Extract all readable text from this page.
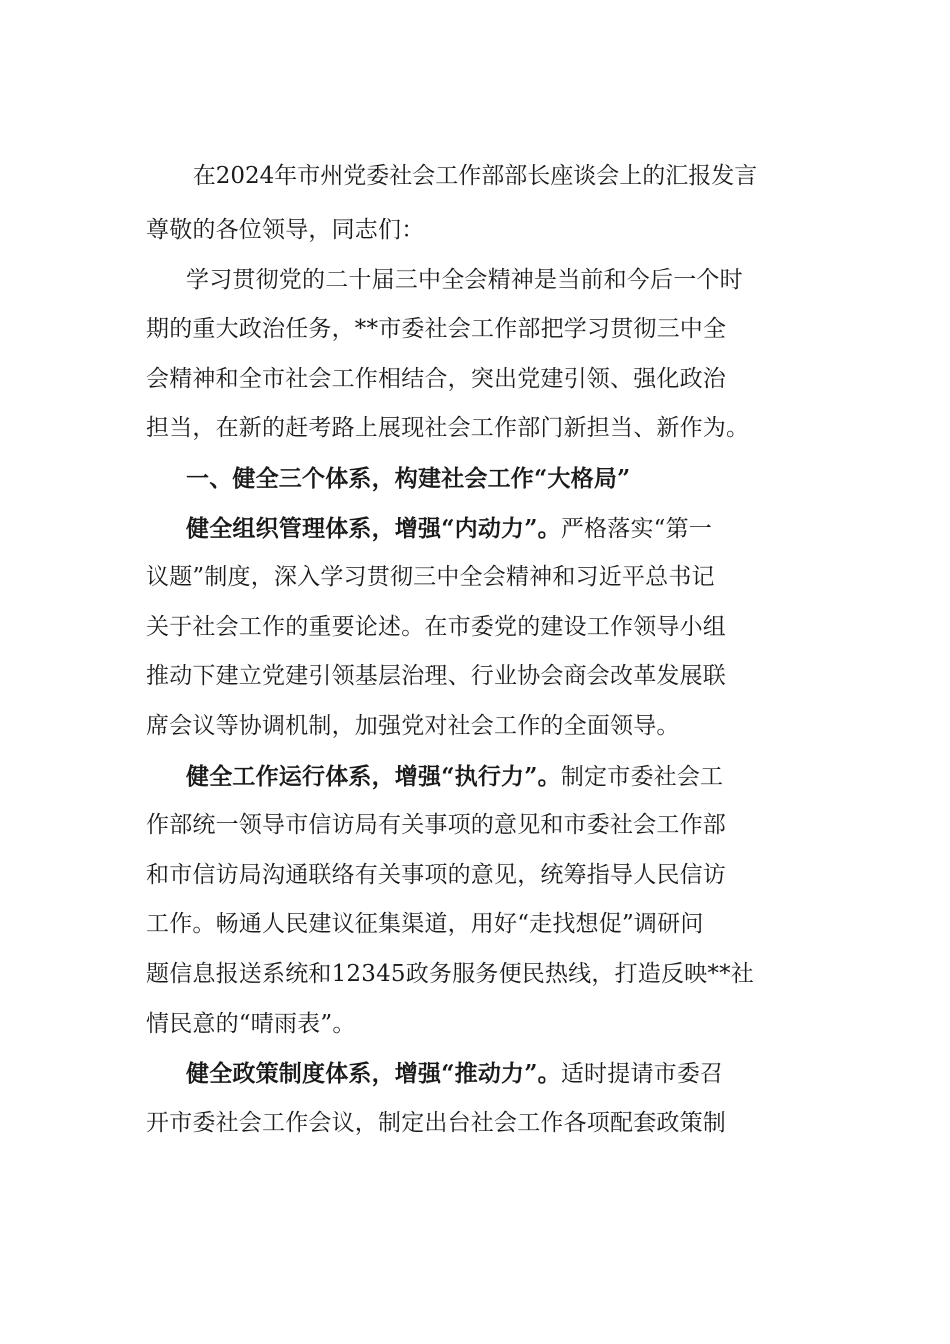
在2024年市州党委社会工作部部长座谈会上的汇报发言
尊敬的各位领导，同志们：
学习贯彻党的二十届三中全会精神是当前和今后一个时
期的重大政治任务，**市委社会工作部把学习贯彻三中全
会精神和全市社会工作相结合，突出党建引领、强化政治
担当，在新的赶考路上展现社会工作部门新担当、新作为。
一、健全三个体系，构建社会工作“大格局”
健全组织管理体系，增强“内动力”。严格落实“第一
议题”制度，深入学习贯彻三中全会精神和习近平总书记
关于社会工作的重要论述。在市委党的建设工作领导小组
推动下建立党建引领基层治理、行业协会商会改革发展联
席会议等协调机制，加强党对社会工作的全面领导。
健全工作运行体系，增强“执行力”。制定市委社会工
作部统一领导市信访局有关事项的意见和市委社会工作部
和市信访局沟通联络有关事项的意见，统筹指导人民信访
工作。畅通人民建议征集渠道，用好“走找想促”调研问
题信息报送系统和12345政务服务便民热线，打造反映**社
情民意的“晴雨表”。
健全政策制度体系，增强“推动力”。适时提请市委召
开市委社会工作会议，制定出台社会工作各项配套政策制
